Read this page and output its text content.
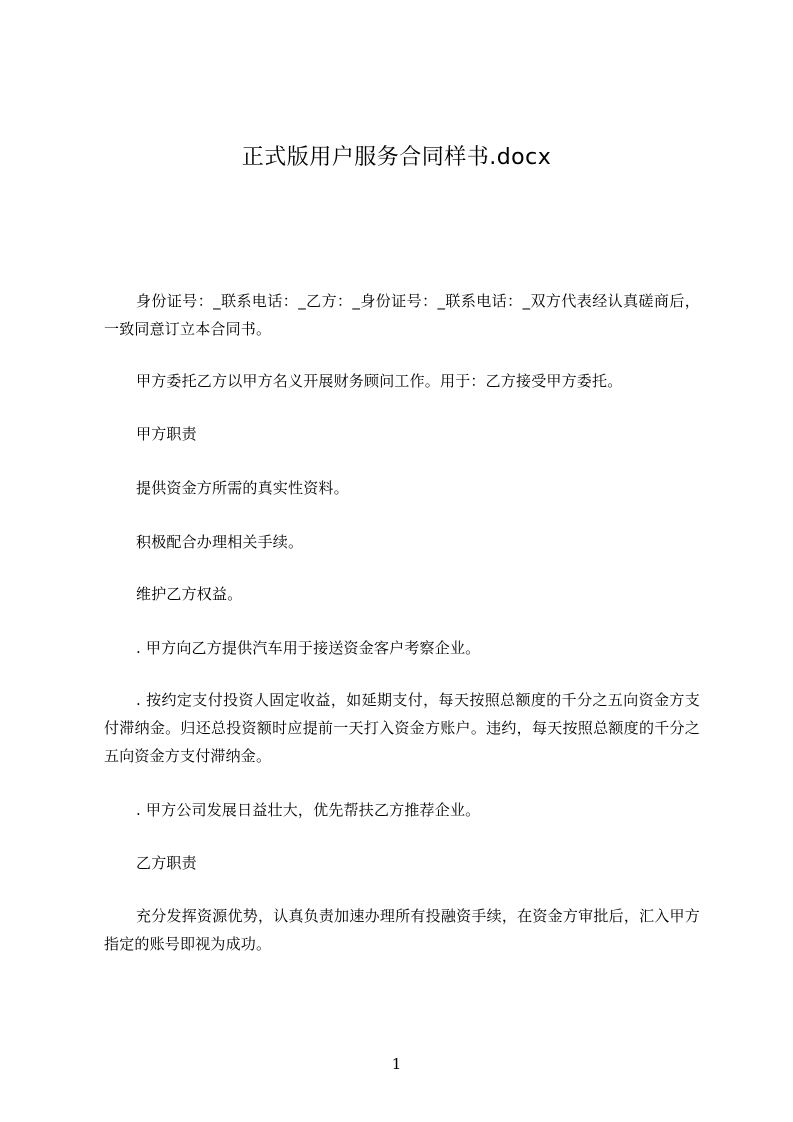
正式版用户服务合同样书.docx
身份证号：_联系电话：_乙方：_身份证号：_联系电话：_双方代表经认真磋商后，一致同意订立本合同书。
甲方委托乙方以甲方名义开展财务顾问工作。用于：乙方接受甲方委托。
甲方职责
提供资金方所需的真实性资料。
积极配合办理相关手续。
维护乙方权益。
. 甲方向乙方提供汽车用于接送资金客户考察企业。
. 按约定支付投资人固定收益，如延期支付，每天按照总额度的千分之五向资金方支付滞纳金。归还总投资额时应提前一天打入资金方账户。违约，每天按照总额度的千分之五向资金方支付滞纳金。
. 甲方公司发展日益壮大，优先帮扶乙方推荐企业。
乙方职责
充分发挥资源优势，认真负责加速办理所有投融资手续，在资金方审批后，汇入甲方指定的账号即视为成功。
1
